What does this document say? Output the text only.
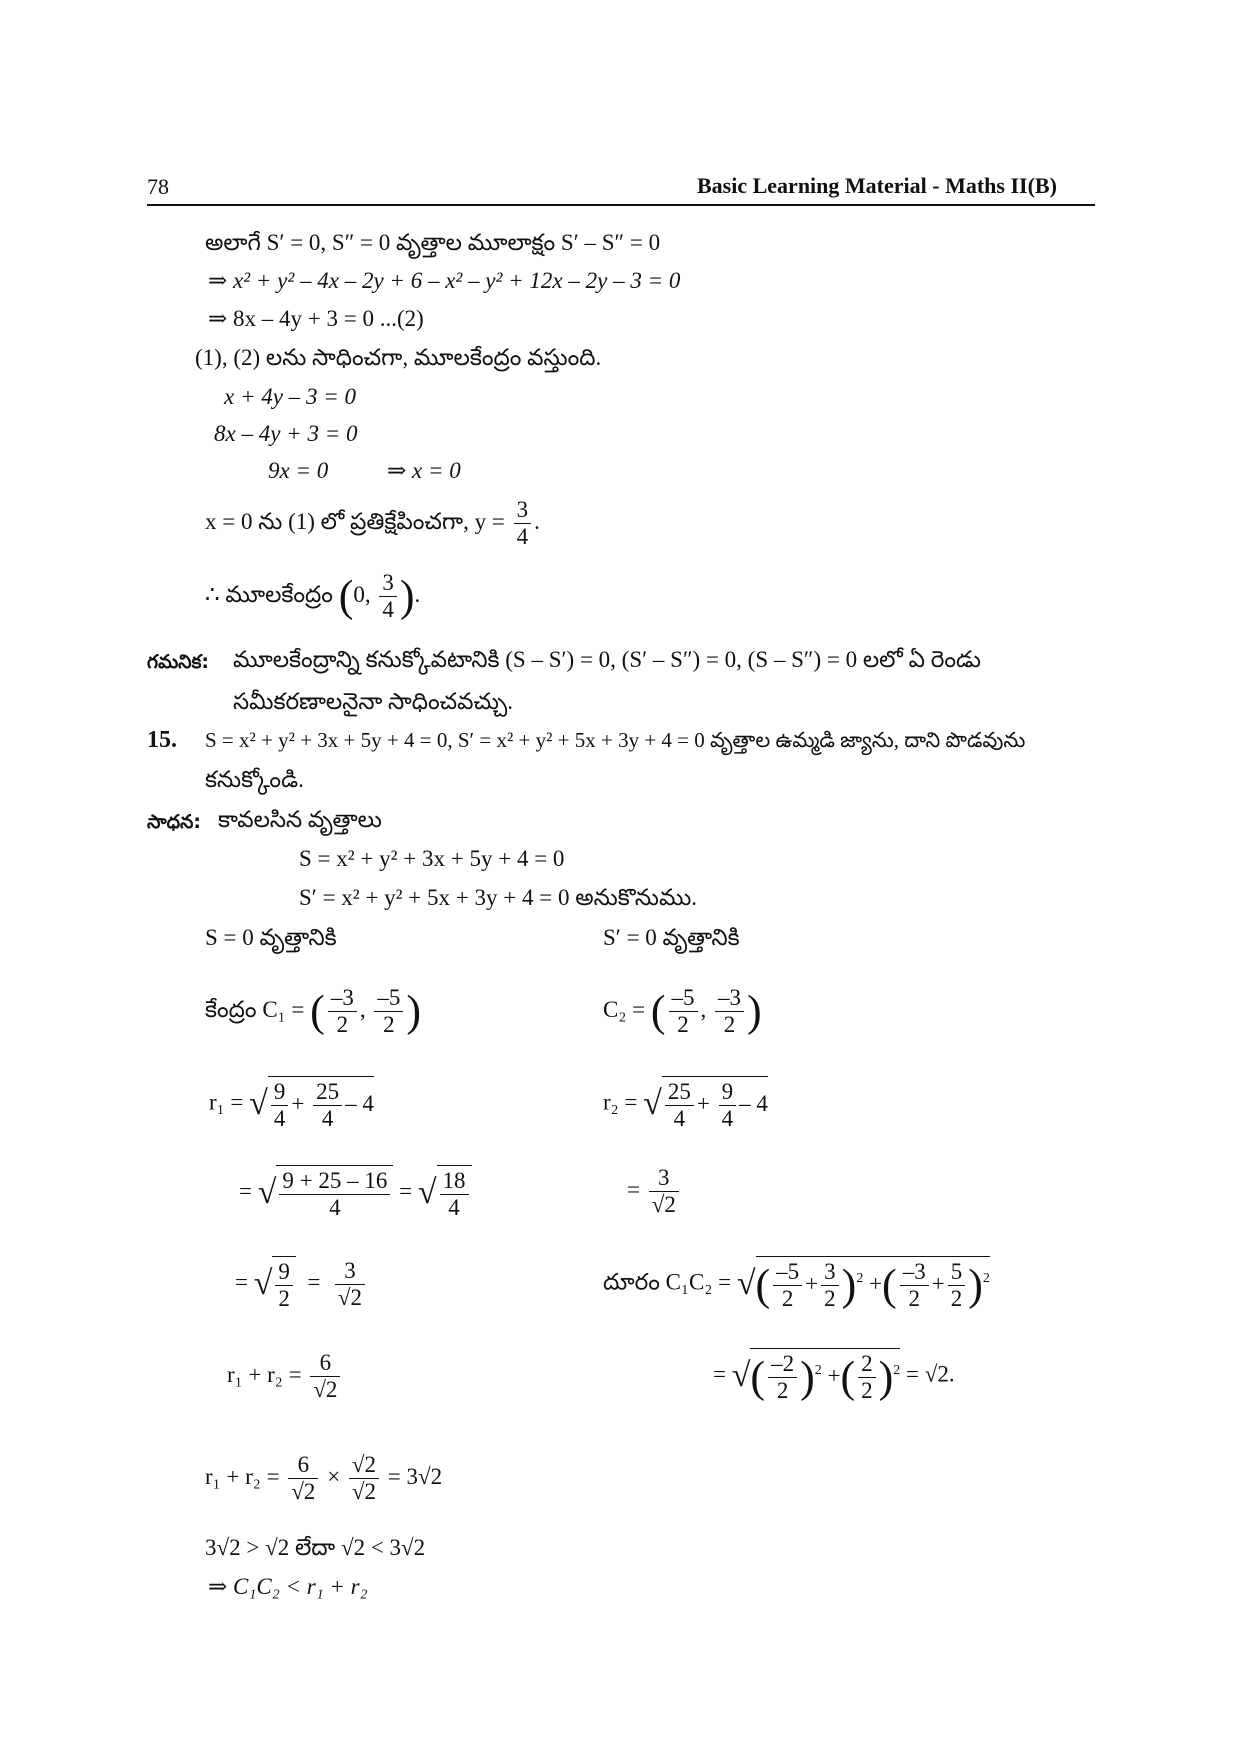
78	Basic Learning Material - Maths II(B)
అలాగే S′ = 0, S″ = 0 వృత్తాల మూలాక్షం S′ – S″ = 0
⇒ x² + y² – 4x – 2y + 6 – x² – y² + 12x – 2y – 3 = 0
⇒ 8x – 4y + 3 = 0 ...(2)
(1), (2) లను సాధించగా, మూలకేంద్రం వస్తుంది.
x + 4y – 3 = 0
8x – 4y + 3 = 0
9x = 0	⇒ x = 0
x = 0 ను (1) లో ప్రతిక్షేపించగా, $y = \frac{3}{4}$ .
∴ మూలకేంద్రం (0, $\frac{3}{4}$ ).
గమనిక: మూలకేంద్రాన్ని కనుక్కోవటానికి (S – S′) = 0, (S′ – S″) = 0, (S – S″) = 0 లలో ఏ రెండు
సమీకరణాలనైనా సాధించవచ్చు.
15. S = x² + y² + 3x + 5y + 4 = 0, S′ = x² + y² + 5x + 3y + 4 = 0 వృత్తాల ఉమ్మడి జ్యాను, దాని పొడవును
కనుక్కోండి.
సాధన: కావలసిన వృత్తాలు
S = x² + y² + 3x + 5y + 4 = 0
S′ = x² + y² + 5x + 3y + 4 = 0 అనుకొనుము.
S = 0 వృత్తానికి	S′ = 0 వృత్తానికి
కేంద్రం C₁ = ( $\frac{-3}{2}$ , $\frac{-5}{2}$ )	C₂ = ( $\frac{-5}{2}$ , $\frac{-3}{2}$ )
r₁ = √ $\frac{9}{4} + \frac{25}{4} - 4$	r₂ = √ $\frac{25}{4} + \frac{9}{4} - 4$
= √ $\frac{9 + 25 - 16}{4}$ = √ $\frac{18}{4}$	= $\frac{3}{√2}$
= √ $\frac{9}{2} = \frac{3}{√2}$	దూరం C₁C₂ = √( $\frac{-5}{2} + \frac{3}{2} )^2$ +( $\frac{-3}{2} + \frac{5}{2} )^2$
$r_1 + r_2 = \frac{6}{√2}$	= √( $\frac{-2}{2} )^2$ +( $\frac{2}{2} )^2 = √2$.
$r_1 + r_2 = \frac{6}{√2} \times \frac{√2}{√2} = 3√2$
3√2 > √2 లేదా √2 < 3√2
⇒ C₁C₂ < r₁ + r₂
